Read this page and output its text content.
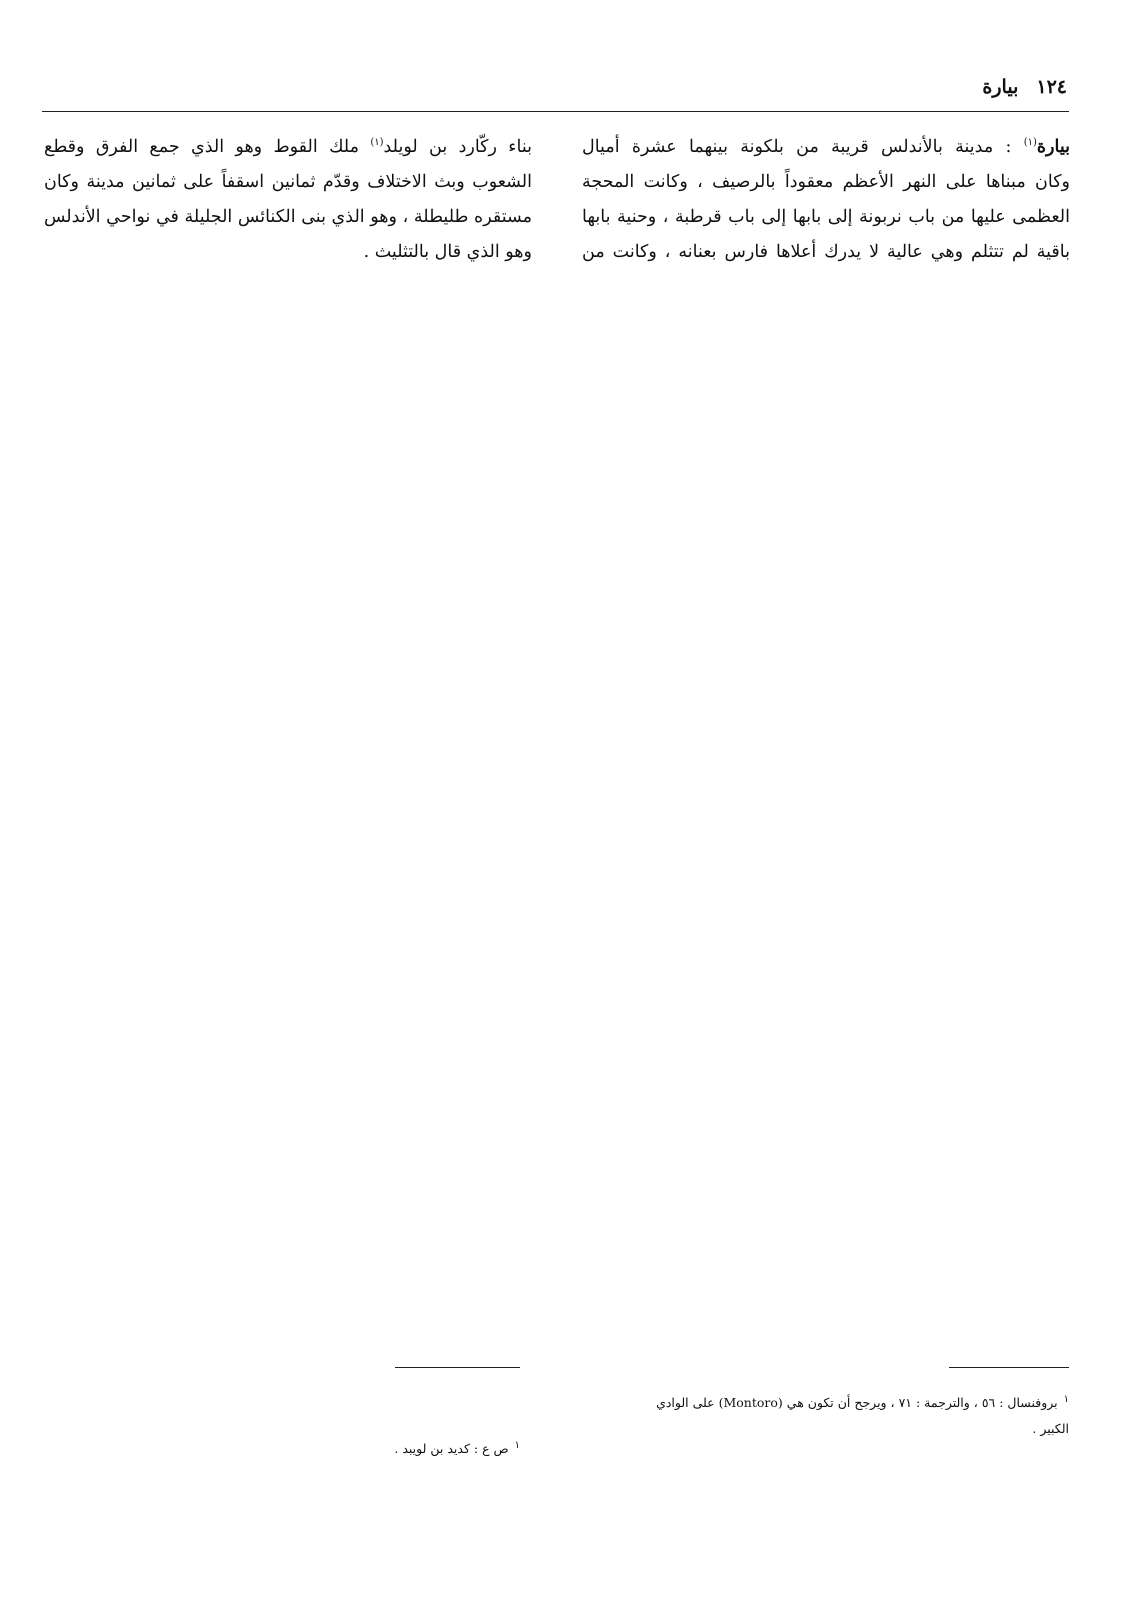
١٢٤
بيارة
بيارة$^{(١)}$ : مدينة بالأندلس قريبة من بلكونة بينهما عشرة أميال
وكان مبناها على النهر الأعظم معقوداً بالرصيف ، وكانت المحجة
العظمى عليها من باب نربونة إلى بابها إلى باب قرطبة ، وحنية بابها
باقية لم تتثلم وهي عالية لا يدرك أعلاها فارس بعنانه ، وكانت من
بناء ركّارد بن لويلد$^{(١)}$ ملك القوط وهو الذي جمع الفرق وقطع
الشعوب وبث الاختلاف وقدّم ثمانين اسقفاً على ثمانين مدينة وكان
مستقره طليطلة ، وهو الذي بنى الكنائس الجليلة في نواحي الأندلس
وهو الذي قال بالتثليث .
$^١$بروفنسال : ٥٦ ، والترجمة : ٧١ ، ويرجح أن تكون هي (Montoro) على الوادي
الكبير .
$^١$ص ع : كديد بن لويبد .
